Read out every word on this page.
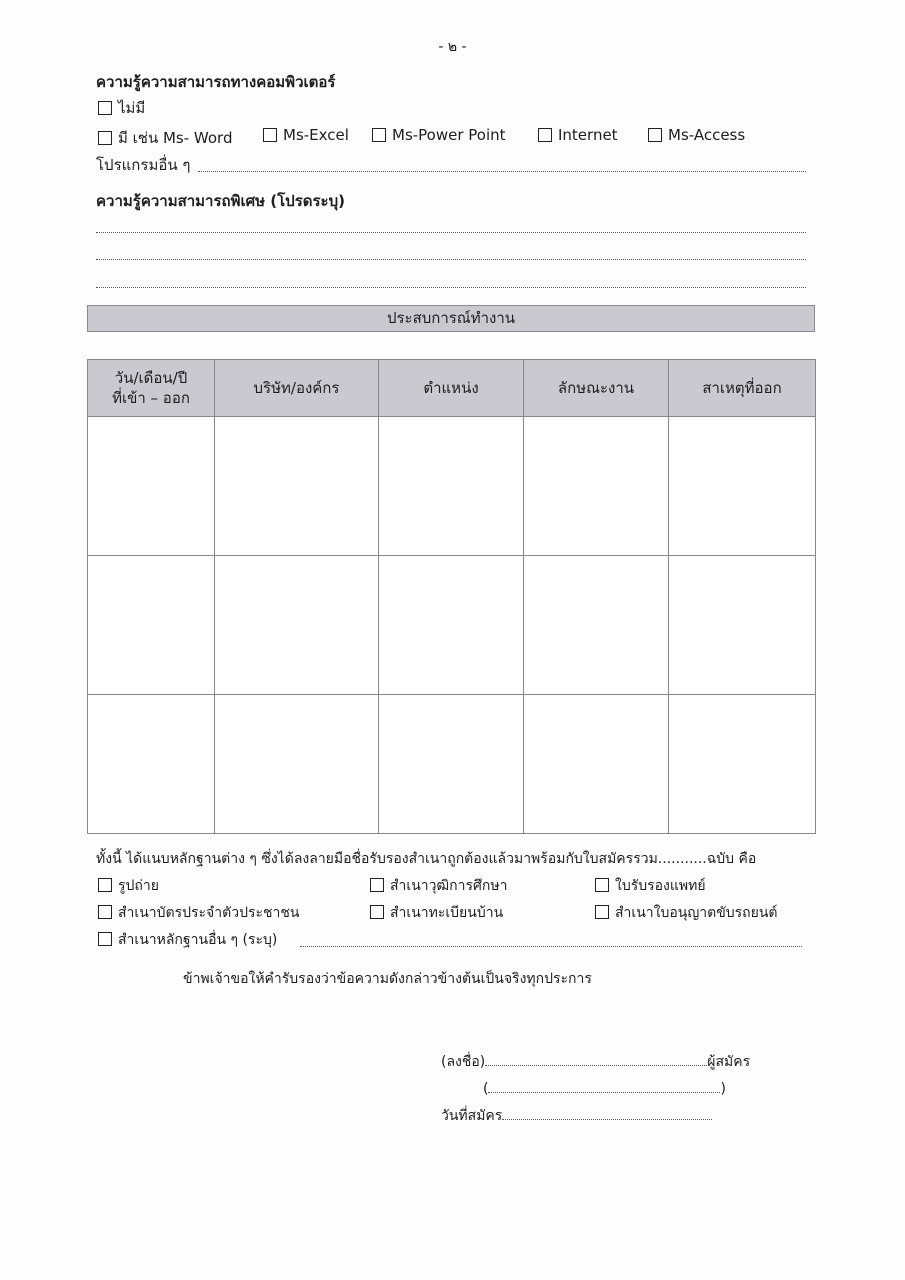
- ๒ -
ความรู้ความสามารถทางคอมพิวเตอร์
ไม่มี
มี เช่น Ms- Word	Ms-Excel	Ms-Power Point	Internet	Ms-Access
โปรแกรมอื่น ๆ
ความรู้ความสามารถพิเศษ (โปรดระบุ)
ประสบการณ์ทำงาน
วัน/เดือน/ปี
ที่เข้า – ออก	บริษัท/องค์กร	ตำแหน่ง	ลักษณะงาน	สาเหตุที่ออก

ทั้งนี้ ได้แนบหลักฐานต่าง ๆ ซึ่งได้ลงลายมือชื่อรับรองสำเนาถูกต้องแล้วมาพร้อมกับใบสมัครรวม...........ฉบับ คือ
รูปถ่าย	สำเนาวุฒิการศึกษา	ใบรับรองแพทย์
สำเนาบัตรประจำตัวประชาชน	สำเนาทะเบียนบ้าน	สำเนาใบอนุญาตขับรถยนต์
สำเนาหลักฐานอื่น ๆ (ระบุ)
ข้าพเจ้าขอให้คำรับรองว่าข้อความดังกล่าวข้างต้นเป็นจริงทุกประการ
(ลงชื่อ)	ผู้สมัคร
(	)
วันที่สมัคร
